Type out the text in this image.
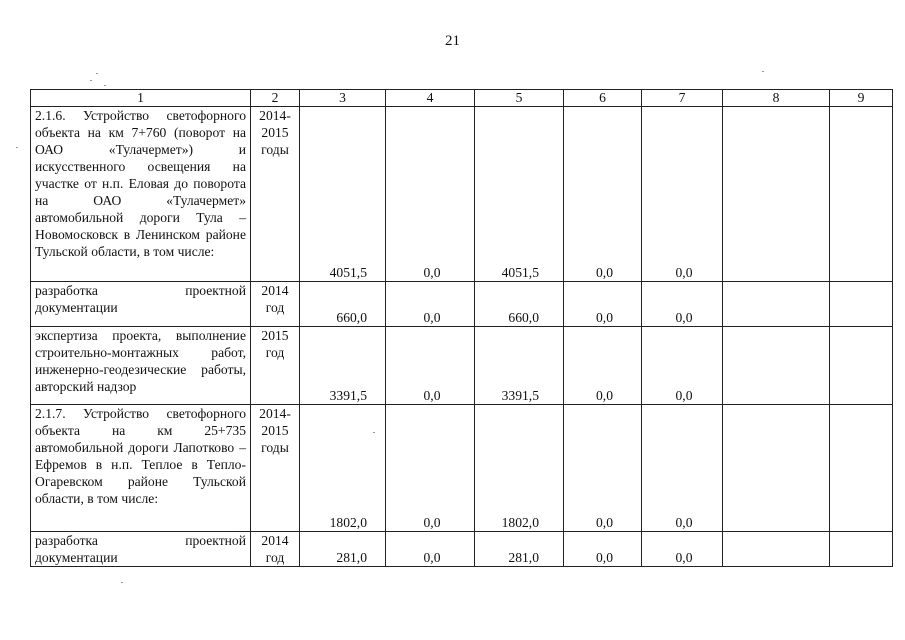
21
1	2	3	4	5	6	7	8	9
2.1.6. Устройство светофорного объекта на км 7+760 (поворот на ОАО «Тулачермет») и искусственного освещения на участке от н.п. Еловая до поворота на ОАО «Тулачермет» автомобильной дороги Тула – Новомосковск в Ленинском районе Тульской области, в том числе:	2014-2015 годы	4051,5	0,0	4051,5	0,0	0,0		
разработка проектной документации	2014 год	660,0	0,0	660,0	0,0	0,0		
экспертиза проекта, выполнение строительно-монтажных работ, инженерно-геодезические работы, авторский надзор	2015 год	3391,5	0,0	3391,5	0,0	0,0		
2.1.7. Устройство светофорного объекта на км 25+735 автомобильной дороги Лапотково – Ефремов в н.п. Теплое в Тепло-Огаревском районе Тульской области, в том числе:	2014-2015 годы	1802,0	0,0	1802,0	0,0	0,0		
разработка проектной документации	2014 год	281,0	0,0	281,0	0,0	0,0		
